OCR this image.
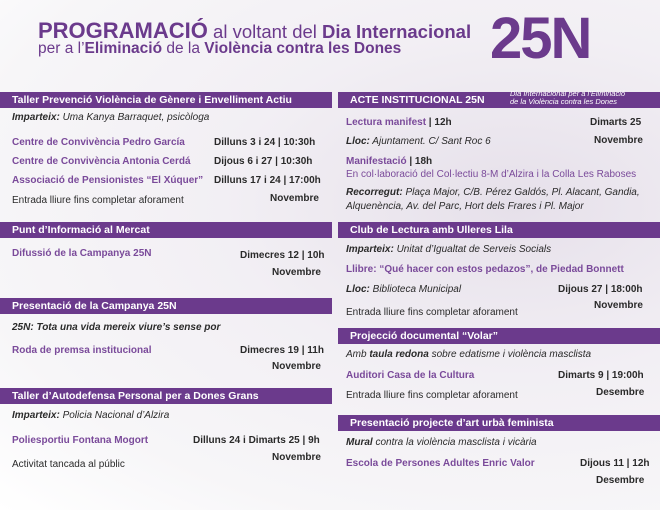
PROGRAMACIÓ al voltant del Dia Internacional
per a l’Eliminació de la Violència contra les Dones 25N
Taller Prevenció Violència de Gènere i Envelliment Actiu
Imparteix: Uma Kanya Barraquet, psicòloga
Centre de Convivència Pedro García	Dilluns 3 i 24 | 10:30h
Centre de Convivència Antonia Cerdá Dijous 6 i 27 | 10:30h
Associació de Pensionistes “El Xúquer” Dilluns 17 i 24 | 17:00h
Entrada lliure fins completar aforament	Novembre
Punt d’Informació al Mercat
Difussió de la Campanya 25N	Dimecres 12 | 10h
Novembre
Presentació de la Campanya 25N
25N: Tota una vida mereix viure’s sense por
Roda de premsa institucional	Dimecres 19 | 11h
Novembre
Taller d’Autodefensa Personal per a Dones Grans
Imparteix: Policia Nacional d’Alzira
Poliesportiu Fontana Mogort	Dilluns 24 i Dimarts 25 | 9h
Novembre
Activitat tancada al públic
ACTE INSTITUCIONAL 25N
Dia Internacional per a l’Eliminació
de la Violència contra les Dones
Lectura manifest | 12h	Dimarts 25
Novembre
Lloc: Ajuntament. C/ Sant Roc 6
Manifestació | 18h
En col·laboració del Col·lectiu 8-M d’Alzira i la Colla Les Raboses
Recorregut: Plaça Major, C/B. Pérez Galdós, Pl. Alacant, Gandia,
Alquenència, Av. del Parc, Hort dels Frares i Pl. Major
Club de Lectura amb Ulleres Lila
Imparteix: Unitat d’Igualtat de Serveis Socials
Llibre: “Qué hacer con estos pedazos”, de Piedad Bonnett
Lloc: Biblioteca Municipal	Dijous 27 | 18:00h
Novembre
Entrada lliure fins completar aforament
Projecció documental “Volar”
Amb taula redona sobre edatisme i violència masclista
Auditori Casa de la Cultura	Dimarts 9 | 19:00h
Desembre
Entrada lliure fins completar aforament
Presentació projecte d’art urbà feminista
Mural contra la violència masclista i vicària
Escola de Persones Adultes Enric Valor	Dijous 11 | 12h
Desembre
